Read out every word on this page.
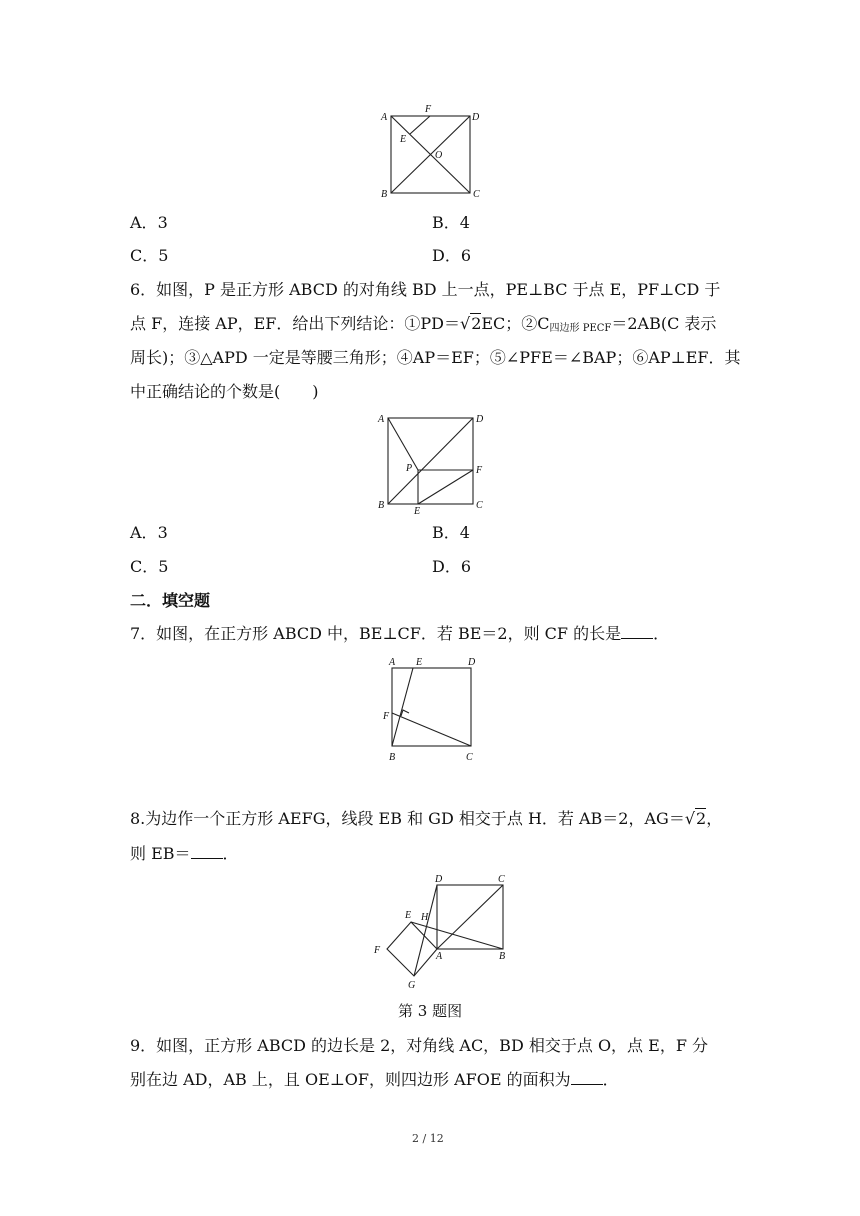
A	D
B	C
F
E
O
A．3	B．4
C．5	D．6
6．如图，P 是正方形 ABCD 的对角线 BD 上一点，PE⊥BC 于点 E，PF⊥CD 于
点 F，连接 AP，EF．给出下列结论：①PD＝√2EC；$②C_{四边形 PECF}=2AB(C$ 表示
周长)；③△APD 一定是等腰三角形；④AP＝EF；⑤∠PFE＝∠BAP；⑥AP⊥EF．其
中正确结论的个数是(　　)
A	D
B	C
P	F
E
A．3	B．4
C．5	D．6
二．填空题
7．如图，在正方形 ABCD 中，BE⊥CF．若 BE＝2，则 CF 的长是 ．
A E	D
F
B	C
8.为边作一个正方形 AEFG，线段 EB 和 GD 相交于点 H．若 AB＝2，AG＝√2，
则 EB＝ ．
D	C
E H
F
A	B
G
第 3 题图
9．如图，正方形 ABCD 的边长是 2，对角线 AC，BD 相交于点 O，点 E，F 分
别在边 AD，AB 上，且 OE⊥OF，则四边形 AFOE 的面积为 ．
2 / 12
